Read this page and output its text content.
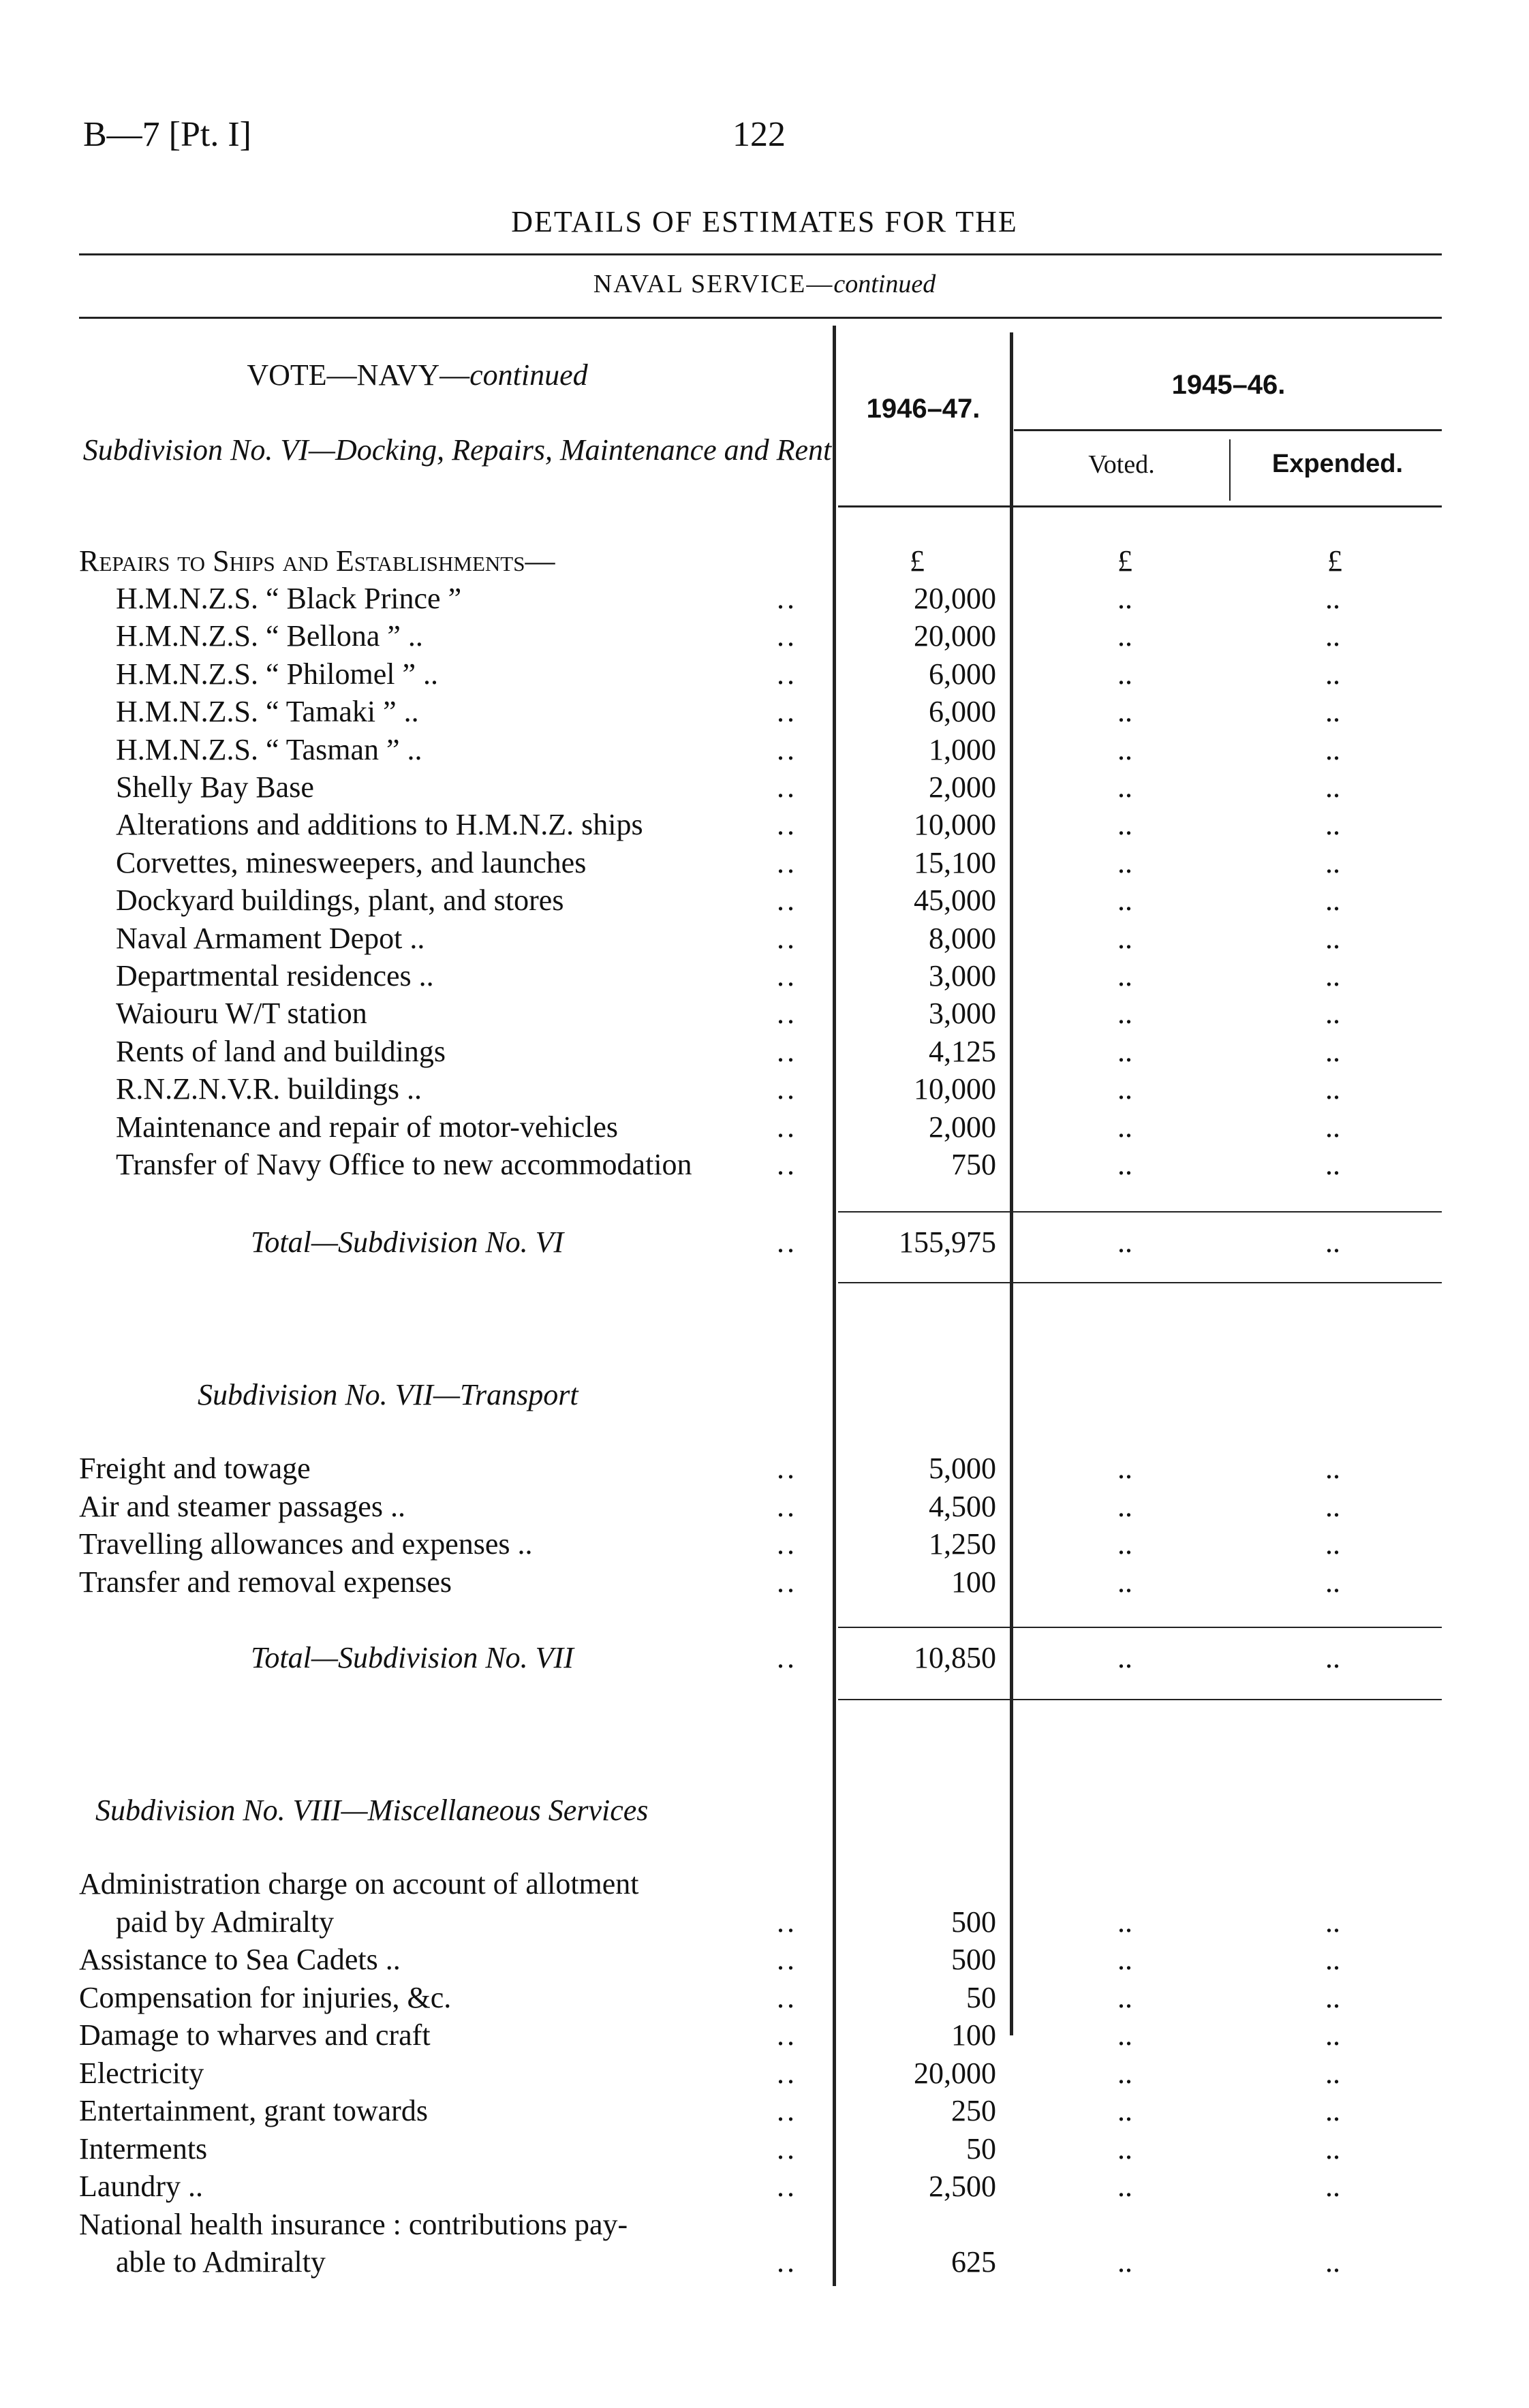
B—7 [Pt. I]	122
DETAILS OF ESTIMATES FOR THE
NAVAL SERVICE—continued
1946–47.
1945–46.
Voted.	Expended.
VOTE—NAVY—continued
Subdivision No. VI—Docking, Repairs, Maintenance and Rent
Repairs to Ships and Establishments—	£	£	£
H.M.N.Z.S. “ Black Prince ”	..	20,000	..	..
H.M.N.Z.S. “ Bellona ” ..	..	20,000	..	..
H.M.N.Z.S. “ Philomel ” ..	..	6,000	..	..
H.M.N.Z.S. “ Tamaki ” ..	..	6,000	..	..
H.M.N.Z.S. “ Tasman ” ..	..	1,000	..	..
Shelly Bay Base	..	2,000	..	..
Alterations and additions to H.M.N.Z. ships	..	10,000	..	..
Corvettes, minesweepers, and launches	..	15,100	..	..
Dockyard buildings, plant, and stores	..	45,000	..	..
Naval Armament Depot ..	..	8,000	..	..
Departmental residences ..	..	3,000	..	..
Waiouru W/T station	..	3,000	..	..
Rents of land and buildings	..	4,125	..	..
R.N.Z.N.V.R. buildings ..	..	10,000	..	..
Maintenance and repair of motor-vehicles	..	2,000	..	..
Transfer of Navy Office to new accommodation	..	750	..	..
Total—Subdivision No. VI	..	155,975	..	..
Subdivision No. VII—Transport
Freight and towage	..	5,000	..	..
Air and steamer passages ..	..	4,500	..	..
Travelling allowances and expenses ..	..	1,250	..	..
Transfer and removal expenses	..	100	..	..
Total—Subdivision No. VII	..	10,850	..	..
Subdivision No. VIII—Miscellaneous Services
Administration charge on account of allotment
paid by Admiralty	..	500	..	..
Assistance to Sea Cadets ..	..	500	..	..
Compensation for injuries, &c.	..	50	..	..
Damage to wharves and craft	..	100	..	..
Electricity	..	20,000	..	..
Entertainment, grant towards	..	250	..	..
Interments	..	50	..	..
Laundry ..	..	2,500	..	..
National health insurance : contributions pay-
able to Admiralty	..	625	..	..
